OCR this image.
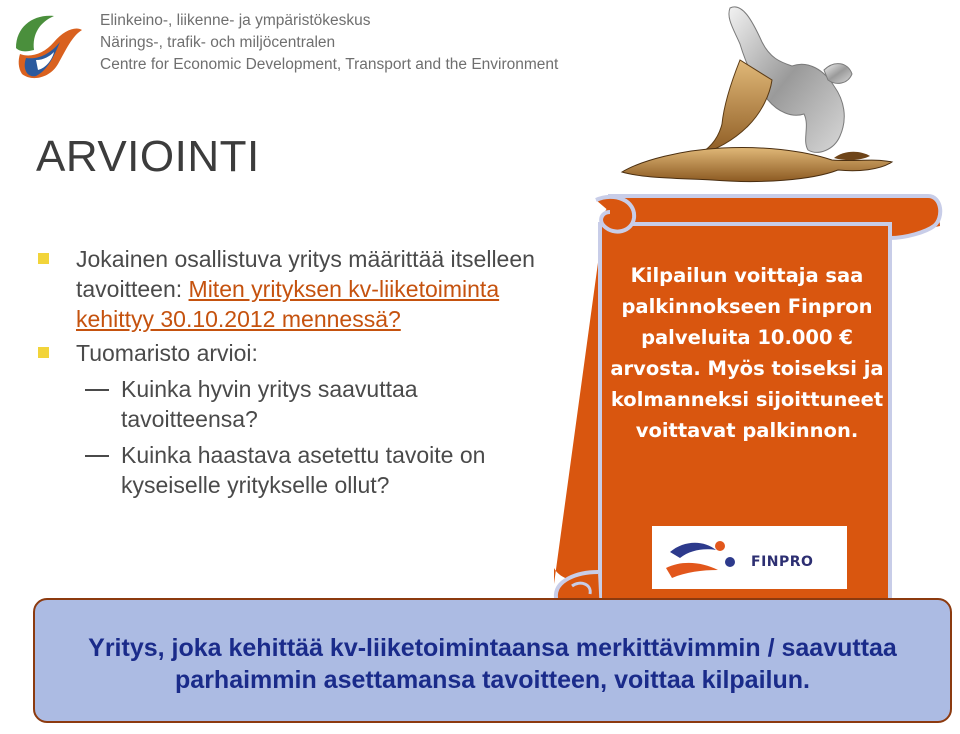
Elinkeino-, liikenne- ja ympäristökeskus
Närings-, trafik- och miljöcentralen
Centre for Economic Development, Transport and the Environment
ARVIOINTI
Jokainen osallistuva yritys määrittää itselleen tavoitteen: Miten yrityksen kv-liiketoiminta kehittyy 30.10.2012 mennessä?
Tuomaristo arvioi:
Kuinka hyvin yritys saavuttaa tavoitteensa?
Kuinka haastava asetettu tavoite on kyseiselle yritykselle ollut?
Kilpailun voittaja saa palkinnokseen Finpron palveluita 10.000 € arvosta. Myös toiseksi ja kolmanneksi sijoittuneet voittavat palkinnon.
FINPRO
Yritys, joka kehittää kv-liiketoimintaansa merkittävimmin / saavuttaa parhaimmin asettamansa tavoitteen, voittaa kilpailun.
